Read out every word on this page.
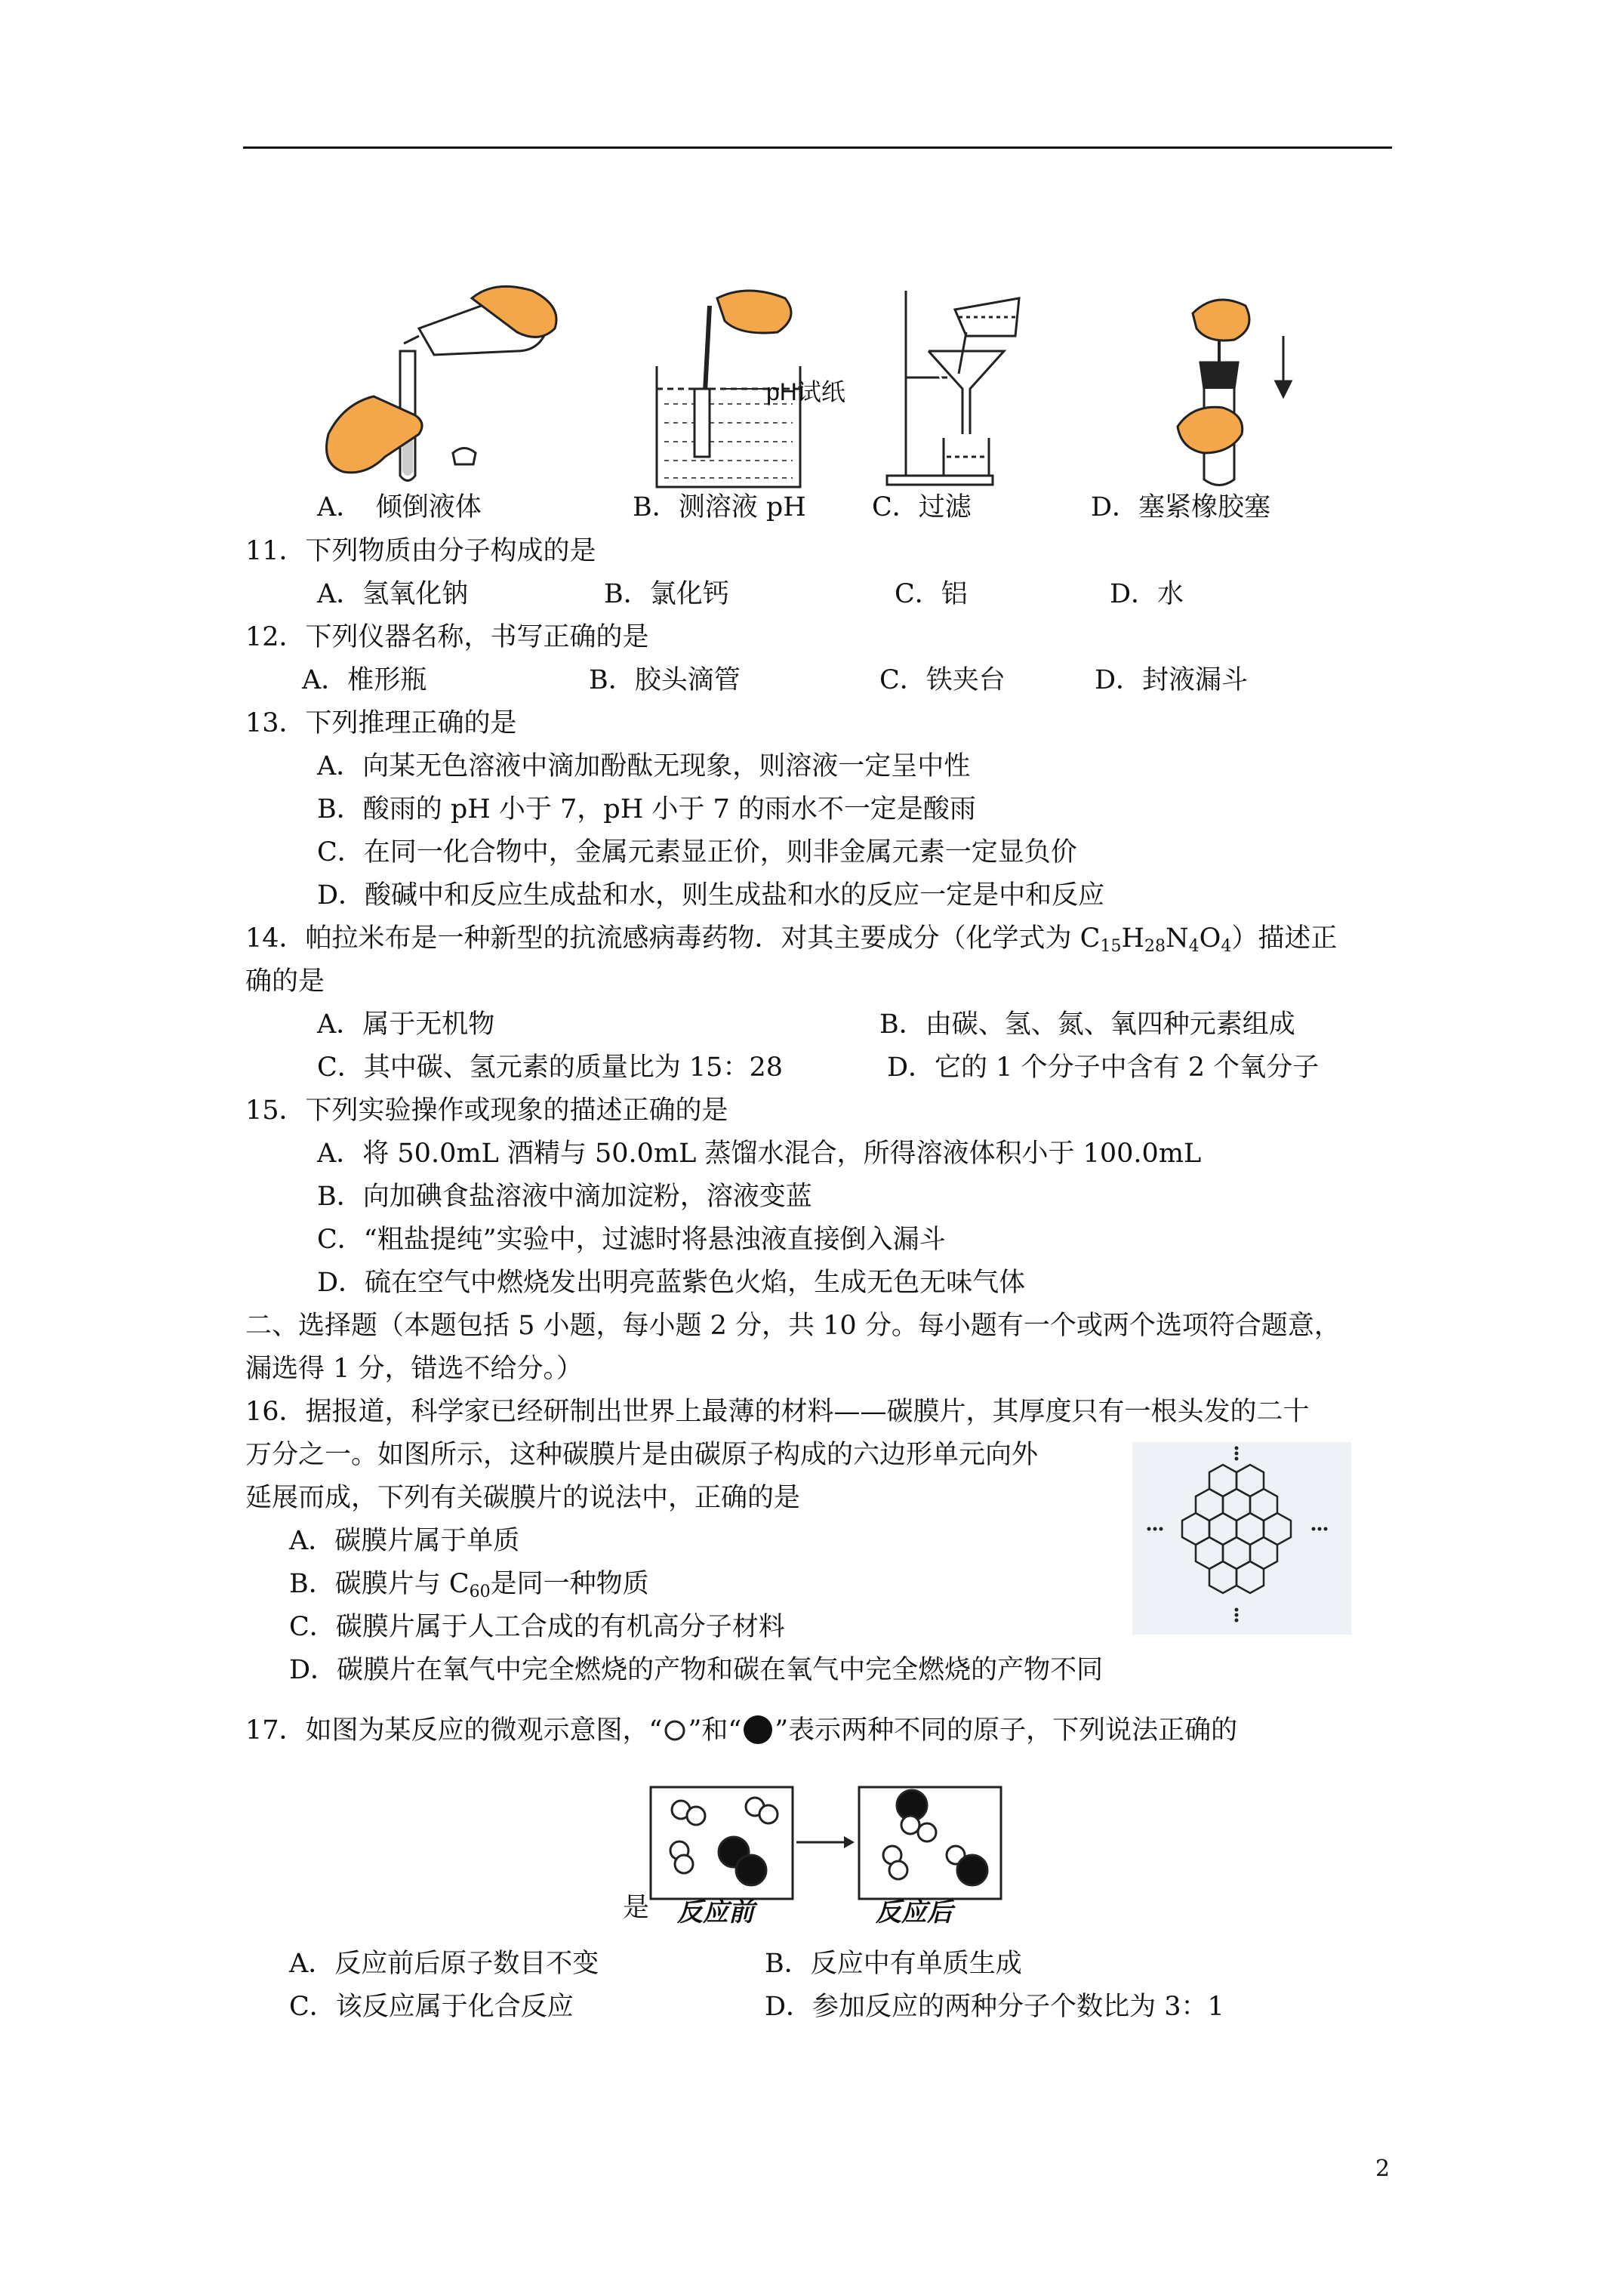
pH试纸
A．　倾倒液体	B．测溶液 pH C．过滤	D．塞紧橡胶塞
11．下列物质由分子构成的是
A．氢氧化钠	B．氯化钙	C．铝	D．水
12．下列仪器名称，书写正确的是
A．椎形瓶	B．胶头滴管	C．铁夹台	D．封液漏斗
13．下列推理正确的是
A．向某无色溶液中滴加酚酞无现象，则溶液一定呈中性
B．酸雨的 pH 小于 7，pH 小于 7 的雨水不一定是酸雨
C．在同一化合物中，金属元素显正价，则非金属元素一定显负价
D．酸碱中和反应生成盐和水，则生成盐和水的反应一定是中和反应
14．帕拉米布是一种新型的抗流感病毒药物．对其主要成分（化学式为 $C_{15}H_{28}N_4O_4$）描述正
确的是
A．属于无机物	B．由碳、氢、氮、氧四种元素组成
C．其中碳、氢元素的质量比为 15：28	D．它的 1 个分子中含有 2 个氧分子
15．下列实验操作或现象的描述正确的是
A．将 50.0mL 酒精与 50.0mL 蒸馏水混合，所得溶液体积小于 100.0mL
B．向加碘食盐溶液中滴加淀粉，溶液变蓝
C．“粗盐提纯”实验中，过滤时将悬浊液直接倒入漏斗
D．硫在空气中燃烧发出明亮蓝紫色火焰，生成无色无味气体
二、选择题（本题包括 5 小题，每小题 2 分，共 10 分。每小题有一个或两个选项符合题意，
漏选得 1 分，错选不给分。）
16．据报道，科学家已经研制出世界上最薄的材料——碳膜片，其厚度只有一根头发的二十
万分之一。如图所示，这种碳膜片是由碳原子构成的六边形单元向外
延展而成，下列有关碳膜片的说法中，正确的是
A．碳膜片属于单质
B．碳膜片与 $C_{60}$是同一种物质
C．碳膜片属于人工合成的有机高分子材料
D．碳膜片在氧气中完全燃烧的产物和碳在氧气中完全燃烧的产物不同
17．如图为某反应的微观示意图，“ ”和“ ”表示两种不同的原子，下列说法正确的
是 反应前	反应后
A．反应前后原子数目不变	B．反应中有单质生成
C．该反应属于化合反应	D．参加反应的两种分子个数比为 3：1
2
